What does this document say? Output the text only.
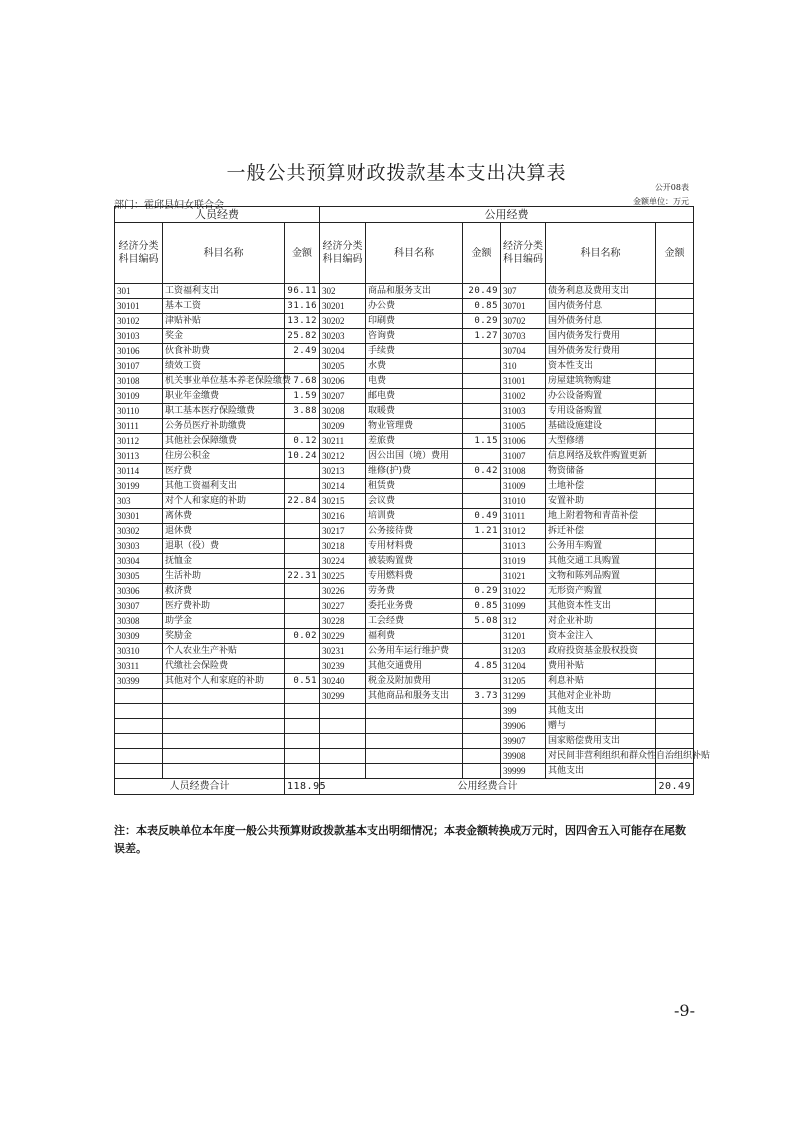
一般公共预算财政拨款基本支出决算表
公开08表
部门：霍邱县妇女联合会	金额单位：万元
人员经费			公用经费					
经济分类科目编码	科目名称	金额	经济分类科目编码	科目名称	金额	经济分类科目编码	科目名称	金额
301	工资福利支出	96.11	302	商品和服务支出	20.49	307	债务利息及费用支出	
30101	基本工资	31.16	30201	办公费	0.85	30701	国内债务付息	
30102	津贴补贴	13.12	30202	印刷费	0.29	30702	国外债务付息	
30103	奖金	25.82	30203	咨询费	1.27	30703	国内债务发行费用	
30106	伙食补助费	2.49	30204	手续费		30704	国外债务发行费用	
30107	绩效工资		30205	水费		310	资本性支出	
30108	机关事业单位基本养老保险缴费	7.68	30206	电费		31001	房屋建筑物购建	
30109	职业年金缴费	1.59	30207	邮电费		31002	办公设备购置	
30110	职工基本医疗保险缴费	3.88	30208	取暖费		31003	专用设备购置	
30111	公务员医疗补助缴费		30209	物业管理费		31005	基础设施建设	
30112	其他社会保障缴费	0.12	30211	差旅费	1.15	31006	大型修缮	
30113	住房公积金	10.24	30212	因公出国（境）费用		31007	信息网络及软件购置更新	
30114	医疗费		30213	维修(护)费	0.42	31008	物资储备	
30199	其他工资福利支出		30214	租赁费		31009	土地补偿	
303	对个人和家庭的补助	22.84	30215	会议费		31010	安置补助	
30301	离休费		30216	培训费	0.49	31011	地上附着物和青苗补偿	
30302	退休费		30217	公务接待费	1.21	31012	拆迁补偿	
30303	退职（役）费		30218	专用材料费		31013	公务用车购置	
30304	抚恤金		30224	被装购置费		31019	其他交通工具购置	
30305	生活补助	22.31	30225	专用燃料费		31021	文物和陈列品购置	
30306	救济费		30226	劳务费	0.29	31022	无形资产购置	
30307	医疗费补助		30227	委托业务费	0.85	31099	其他资本性支出	
30308	助学金		30228	工会经费	5.08	312	对企业补助	
30309	奖励金	0.02	30229	福利费		31201	资本金注入	
30310	个人农业生产补贴		30231	公务用车运行维护费		31203	政府投资基金股权投资	
30311	代缴社会保险费		30239	其他交通费用	4.85	31204	费用补贴	
30399	其他对个人和家庭的补助	0.51	30240	税金及附加费用		31205	利息补贴	
			30299	其他商品和服务支出	3.73	31299	其他对企业补助	
						399	其他支出	
						39906	赠与	
						39907	国家赔偿费用支出	
						39908	对民间非营利组织和群众性自治组织补贴	
						39999	其他支出	
人员经费合计		118.95	公用经费合计					20.49
注：本表反映单位本年度一般公共预算财政拨款基本支出明细情况；本表金额转换成万元时，因四舍五入可能存在尾数误差。
-9-
